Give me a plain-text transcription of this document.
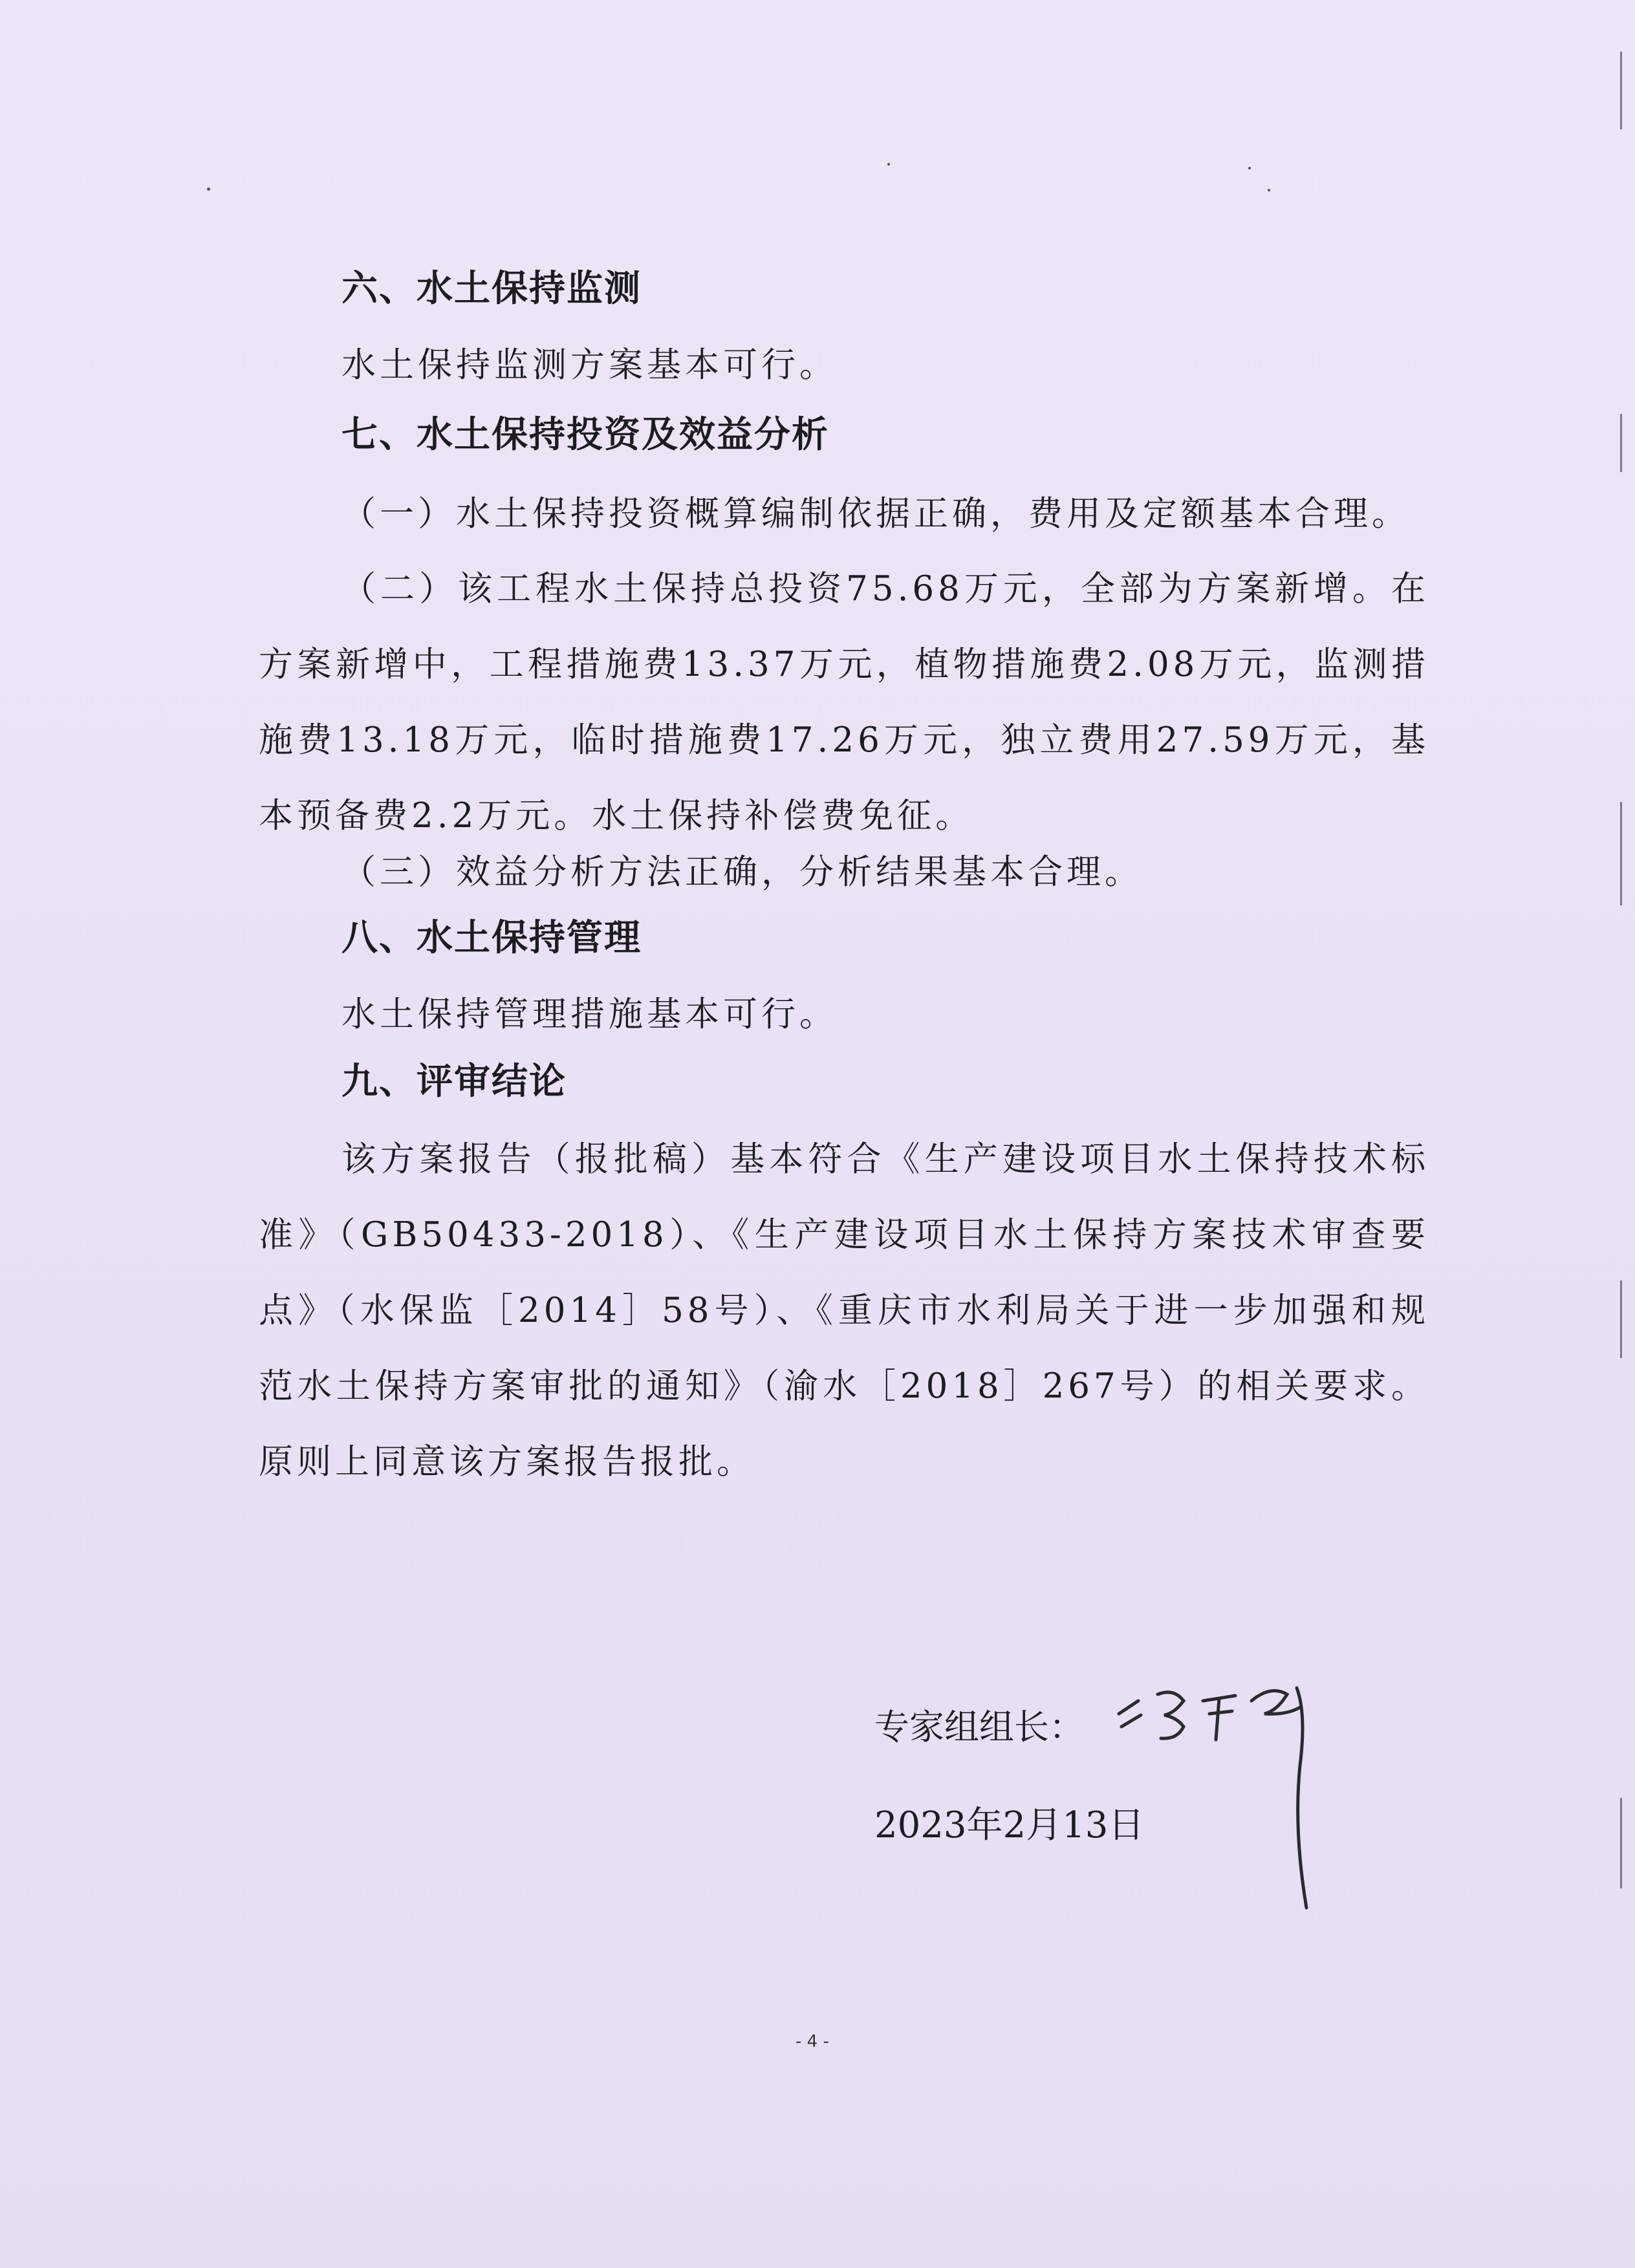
六、水土保持监测
水土保持监测方案基本可行。
七、水土保持投资及效益分析
（一）水土保持投资概算编制依据正确，费用及定额基本合理。
（二）该工程水土保持总投资75.68万元，全部为方案新增。在方案新增中，工程措施费13.37万元，植物措施费2.08万元，监测措施费13.18万元，临时措施费17.26万元，独立费用27.59万元，基本预备费2.2万元。水土保持补偿费免征。
（三）效益分析方法正确，分析结果基本合理。
八、水土保持管理
水土保持管理措施基本可行。
九、评审结论
该方案报告（报批稿）基本符合《生产建设项目水土保持技术标准》（GB50433-2018）、《生产建设项目水土保持方案技术审查要点》（水保监［2014］58号）、《重庆市水利局关于进一步加强和规范水土保持方案审批的通知》（渝水［2018］267号）的相关要求。原则上同意该方案报告报批。
专家组组长：
2023年2月13日
- 4 -
